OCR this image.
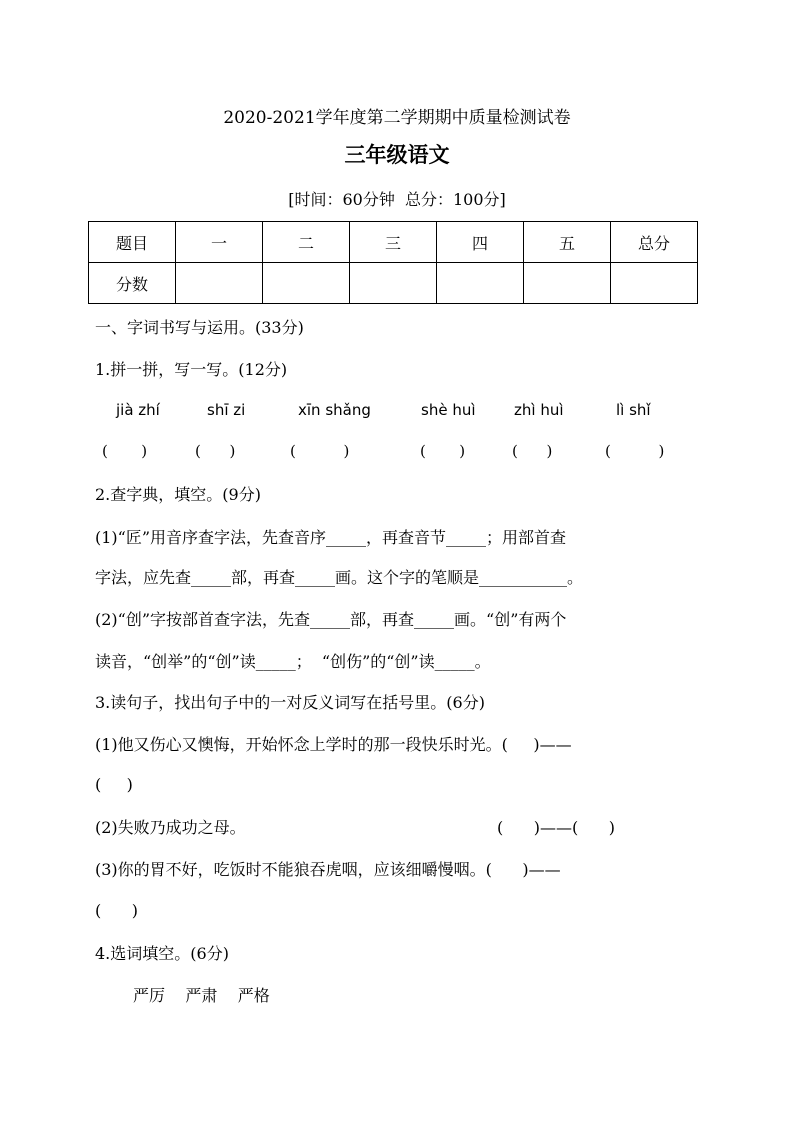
2020-2021学年度第二学期期中质量检测试卷
三年级语文
[时间：60分钟  总分：100分]
题目	一	二	三	四	五	总分
分数						
一、字词书写与运用。(33分)
1.拼一拼，写一写。(12分)
jià zhí	shī zi	xīn shǎng	shè huì	zhì huì	lì shǐ
(       )	(      )	(          )	(       )	(      )	(          )
2.查字典，填空。(9分)
(1)“匠”用音序查字法，先查音序_____，再查音节_____；用部首查
字法，应先查_____部，再查_____画。这个字的笔顺是___________。
(2)“创”字按部首查字法，先查_____部，再查_____画。“创”有两个
读音，“创举”的“创”读_____；  “创伤”的“创”读_____。
3.读句子，找出句子中的一对反义词写在括号里。(6分)
(1)他又伤心又懊悔，开始怀念上学时的那一段快乐时光。(     )——
(     )
(2)失败乃成功之母。	(      )——(      )
(3)你的胃不好，吃饭时不能狼吞虎咽，应该细嚼慢咽。(      )——
(      )
4.选词填空。(6分)
严厉    严肃    严格
